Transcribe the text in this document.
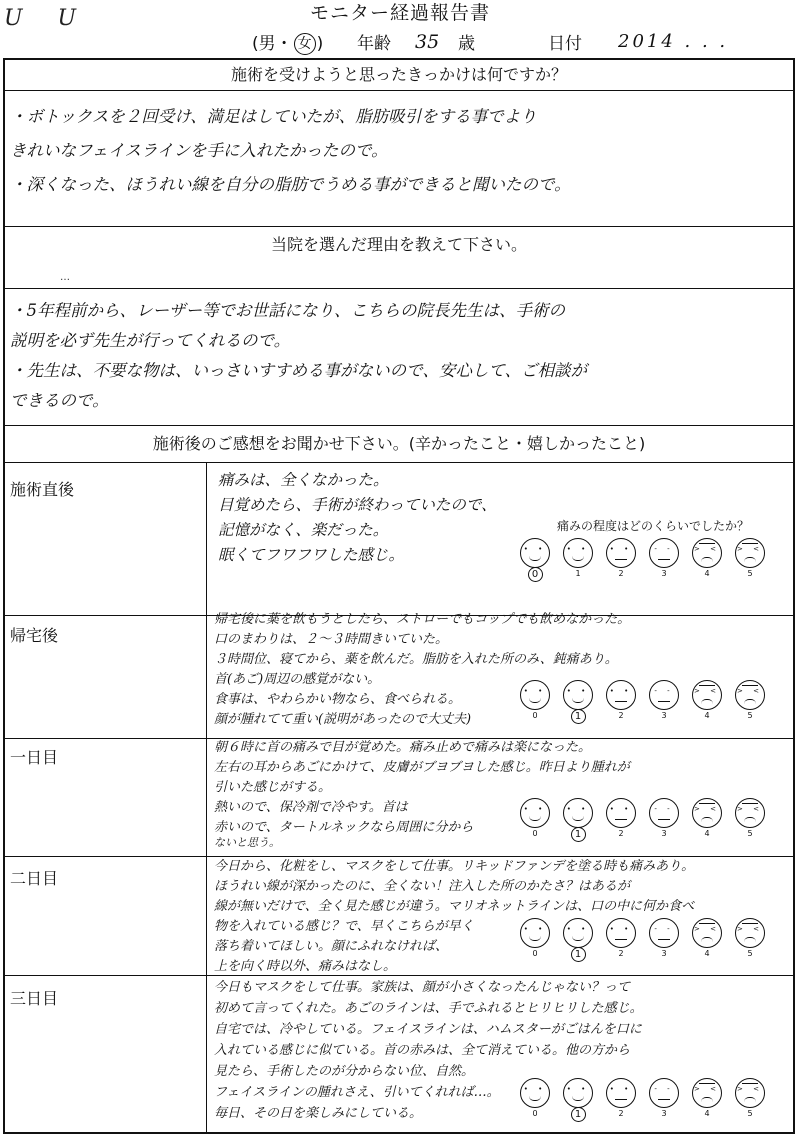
モニター経過報告書
U U
(男・ 女 ) 年齢 35 歳	日付 2014 . . .
施術を受けようと思ったきっかけは何ですか？
・ボトックスを２回受け、満足はしていたが、脂肪吸引をする事でより
きれいなフェイスラインを手に入れたかったので。
・深くなった、ほうれい線を自分の脂肪でうめる事ができると聞いたので。
当院を選んだ理由を教えて下さい。
…
・5年程前から、レーザー等でお世話になり、こちらの院長先生は、手術の
説明を必ず先生が行ってくれるので。
・先生は、不要な物は、いっさいすすめる事がないので、安心して、ご相談が
できるので。
施術後のご感想をお聞かせ下さい。(辛かったこと・嬉しかったこと)
施術直後
帰宅後
一日目
二日目
三日目
痛みは、全くなかった。
目覚めたら、手術が終わっていたので、
記憶がなく、楽だった。
眠くてフワフワした感じ。
痛みの程度はどのくらいでしたか？
帰宅後に薬を飲もうとしたら、ストローでもコップでも飲めなかった。
口のまわりは、２〜３時間きいていた。
３時間位、寝てから、薬を飲んだ。脂肪を入れた所のみ、鈍痛あり。
首(あご)周辺の感覚がない。
食事は、やわらかい物なら、食べられる。
顔が腫れてて重い(説明があったので大丈夫)
朝６時に首の痛みで目が覚めた。痛み止めで痛みは楽になった。
左右の耳からあごにかけて、皮膚がブヨブヨした感じ。昨日より腫れが
引いた感じがする。
熱いので、保冷剤で冷やす。首は
赤いので、タートルネックなら周囲に分から
ないと思う。
今日から、化粧をし、マスクをして仕事。リキッドファンデを塗る時も痛みあり。
ほうれい線が深かったのに、全くない！注入した所のかたさ？はあるが
線が無いだけで、全く見た感じが違う。マリオネットラインは、口の中に何か食べ
物を入れている感じ？で、早くこちらが早く
落ち着いてほしい。顔にふれなければ、
上を向く時以外、痛みはなし。
今日もマスクをして仕事。家族は、顔が小さくなったんじゃない？って
初めて言ってくれた。あごのラインは、手でふれるとヒリヒリした感じ。
自宅では、冷やしている。フェイスラインは、ハムスターがごはんを口に
入れている感じに似ている。首の赤みは、全て消えている。他の方から
見たら、手術したのが分からない位、自然。
フェイスラインの腫れさえ、引いてくれれば…。
毎日、その日を楽しみにしている。
• •
0
• •
1
• •
2
‐ ‐
3
> <
4
> <
5
• •
0
• •
1
• •
2
‐ ‐
3
> <
4
> <
5
• •
0
• •
1
• •
2
‐ ‐
3
> <
4
> <
5
• •
0
• •
1
• •
2
‐ ‐
3
> <
4
> <
5
• •
0
• •
1
• •
2
‐ ‐
3
> <
4
> <
5
